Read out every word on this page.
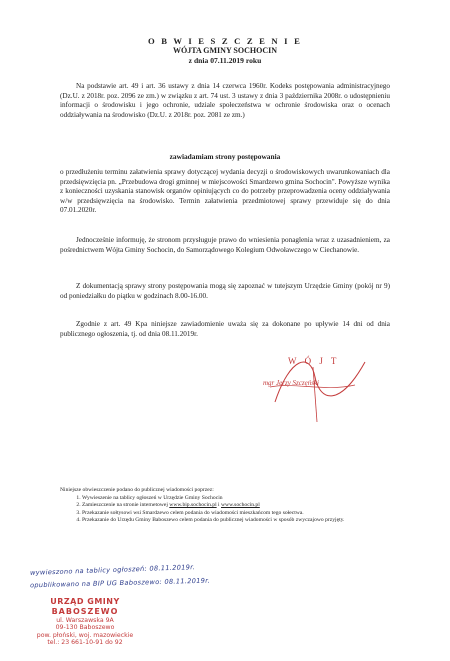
O B W I E S Z C Z E N I E
WÓJTA GMINY SOCHOCIN
z dnia 07.11.2019 roku
Na podstawie art. 49 i art. 36 ustawy z dnia 14 czerwca 1960r. Kodeks postępowania administracyjnego (Dz.U. z 2018r. poz. 2096 ze zm.) w związku z art. 74 ust. 3 ustawy z dnia 3 października 2008r. o udostępnieniu informacji o środowisku i jego ochronie, udziale społeczeństwa w ochronie środowiska oraz o ocenach oddziaływania na środowisko (Dz.U. z 2018r. poz. 2081 ze zm.)
zawiadamiam strony postępowania
o przedłużeniu terminu załatwienia sprawy dotyczącej wydania decyzji o środowiskowych uwarunkowaniach dla przedsięwzięcia pn. „Przebudowa drogi gminnej w miejscowości Smardzewo gmina Sochocin". Powyższe wynika z konieczności uzyskania stanowisk organów opiniujących co do potrzeby przeprowadzenia oceny oddziaływania w/w przedsięwzięcia na środowisko. Termin załatwienia przedmiotowej sprawy przewiduje się do dnia 07.01.2020r.
Jednocześnie informuję, że stronom przysługuje prawo do wniesienia ponaglenia wraz z uzasadnieniem, za pośrednictwem Wójta Gminy Sochocin, do Samorządowego Kolegium Odwoławczego w Ciechanowie.
Z dokumentacją sprawy strony postępowania mogą się zapoznać w tutejszym Urzędzie Gminy (pokój nr 9) od poniedziałku do piątku w godzinach 8.00-16.00.
Zgodnie z art. 49 Kpa niniejsze zawiadomienie uważa się za dokonane po upływie 14 dni od dnia publicznego ogłoszenia, tj. od dnia 08.11.2019r.
W Ó J T
mgr Jerzy Szczęński
Niniejsze obwieszczenie podano do publicznej wiadomości poprzez:
1. Wywieszenie na tablicy ogłoszeń w Urzędzie Gminy Sochocin
2. Zamieszczenie na stronie internetowej www.bip.sochocin.pl i www.sochocin.pl
3. Przekazanie sołtysowi wsi Smardzewo celem podania do wiadomości mieszkańcom tego sołectwa.
4. Przekazanie do Urzędu Gminy Baboszewo celem podania do publicznej wiadomości w sposób zwyczajowo przyjęty.
wywieszono na tablicy ogłoszeń: 08.11.2019r.
opublikowano na BIP UG Baboszewo: 08.11.2019r.
URZĄD GMINY
BABOSZEWO
ul. Warszawska 9A
09-130 Baboszewo
pow. płoński, woj. mazowieckie
tel.: 23 661-10-91 do 92
